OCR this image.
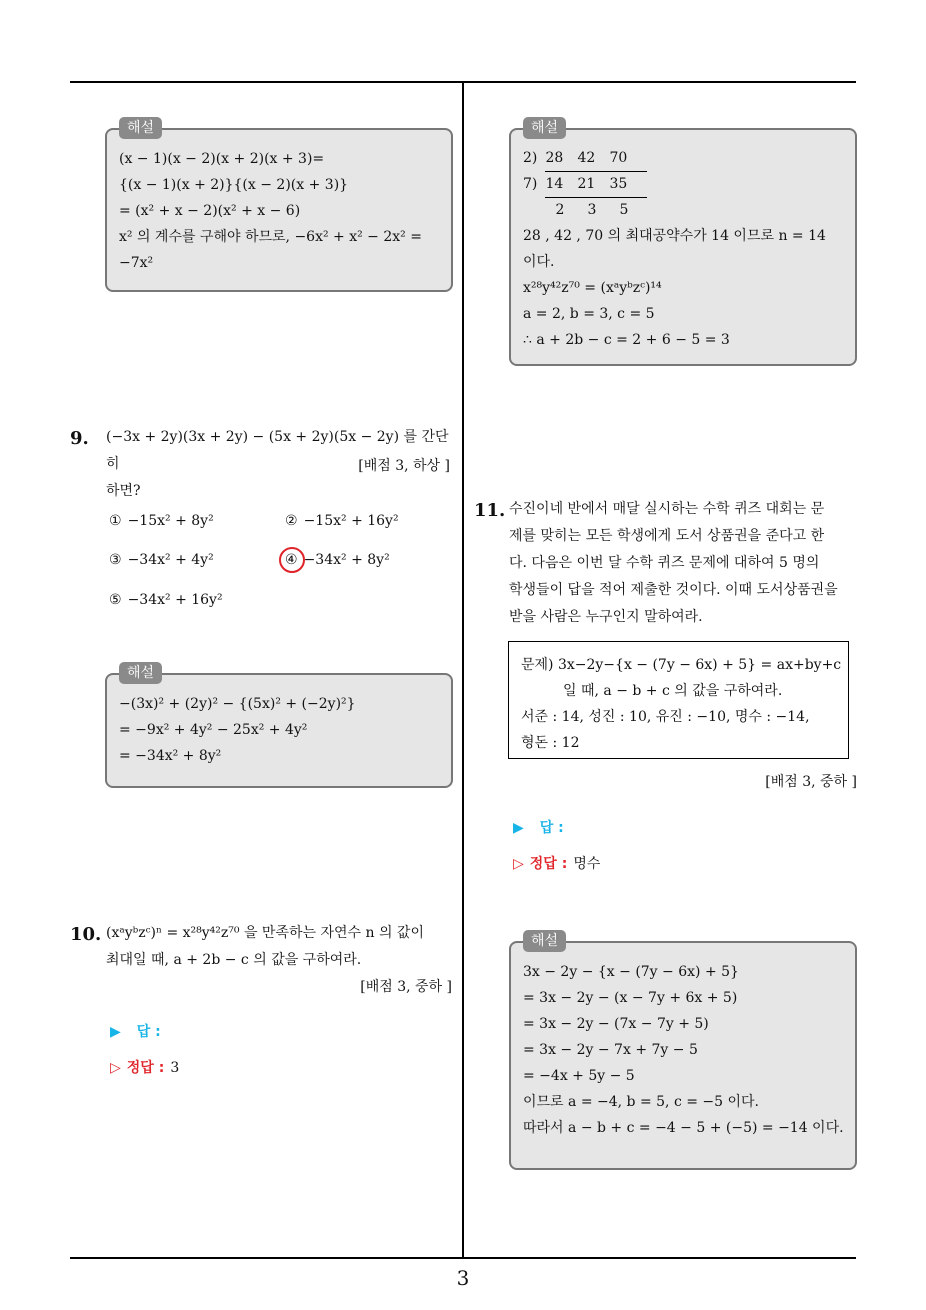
해설
(x − 1)(x − 2)(x + 2)(x + 3)=
{(x − 1)(x + 2)}{(x − 2)(x + 3)}
= (x² + x − 2)(x² + x − 6)
x² 의 계수를 구해야 하므로, −6x² + x² − 2x² =
−7x²
해설
2) 28 42 70
7) 14 21 35
2 3 5
28 , 42 , 70 의 최대공약수가 14 이므로 n = 14
이다.
x²⁸y⁴²z⁷⁰ = (xᵃyᵇzᶜ)¹⁴
a = 2, b = 3, c = 5
∴ a + 2b − c = 2 + 6 − 5 = 3
9. (−3x + 2y)(3x + 2y) − (5x + 2y)(5x − 2y) 를 간단히
하면?
[배점 3, 하상 ]
① −15x² + 8y²	② −15x² + 16y²
③ −34x² + 4y²	④ −34x² + 8y²
⑤ −34x² + 16y²
해설
−(3x)² + (2y)² − {(5x)² + (−2y)²}
= −9x² + 4y² − 25x² + 4y²
= −34x² + 8y²
10. (xᵃyᵇzᶜ)ⁿ = x²⁸y⁴²z⁷⁰ 을 만족하는 자연수 n 의 값이
최대일 때, a + 2b − c 의 값을 구하여라.
[배점 3, 중하 ]
▶ 답 :
▷ 정답 : 3
11. 수진이네 반에서 매달 실시하는 수학 퀴즈 대회는 문
제를 맞히는 모든 학생에게 도서 상품권을 준다고 한
다. 다음은 이번 달 수학 퀴즈 문제에 대하여 5 명의
학생들이 답을 적어 제출한 것이다. 이때 도서상품권을
받을 사람은 누구인지 말하여라.
문제) 3x−2y−{x − (7y − 6x) + 5} = ax+by+c
일 때, a − b + c 의 값을 구하여라.
서준 : 14, 성진 : 10, 유진 : −10, 명수 : −14,
형돈 : 12
[배점 3, 중하 ]
▶ 답 :
▷ 정답 : 명수
해설
3x − 2y − {x − (7y − 6x) + 5}
= 3x − 2y − (x − 7y + 6x + 5)
= 3x − 2y − (7x − 7y + 5)
= 3x − 2y − 7x + 7y − 5
= −4x + 5y − 5
이므로 a = −4, b = 5, c = −5 이다.
따라서 a − b + c = −4 − 5 + (−5) = −14 이다.
3
